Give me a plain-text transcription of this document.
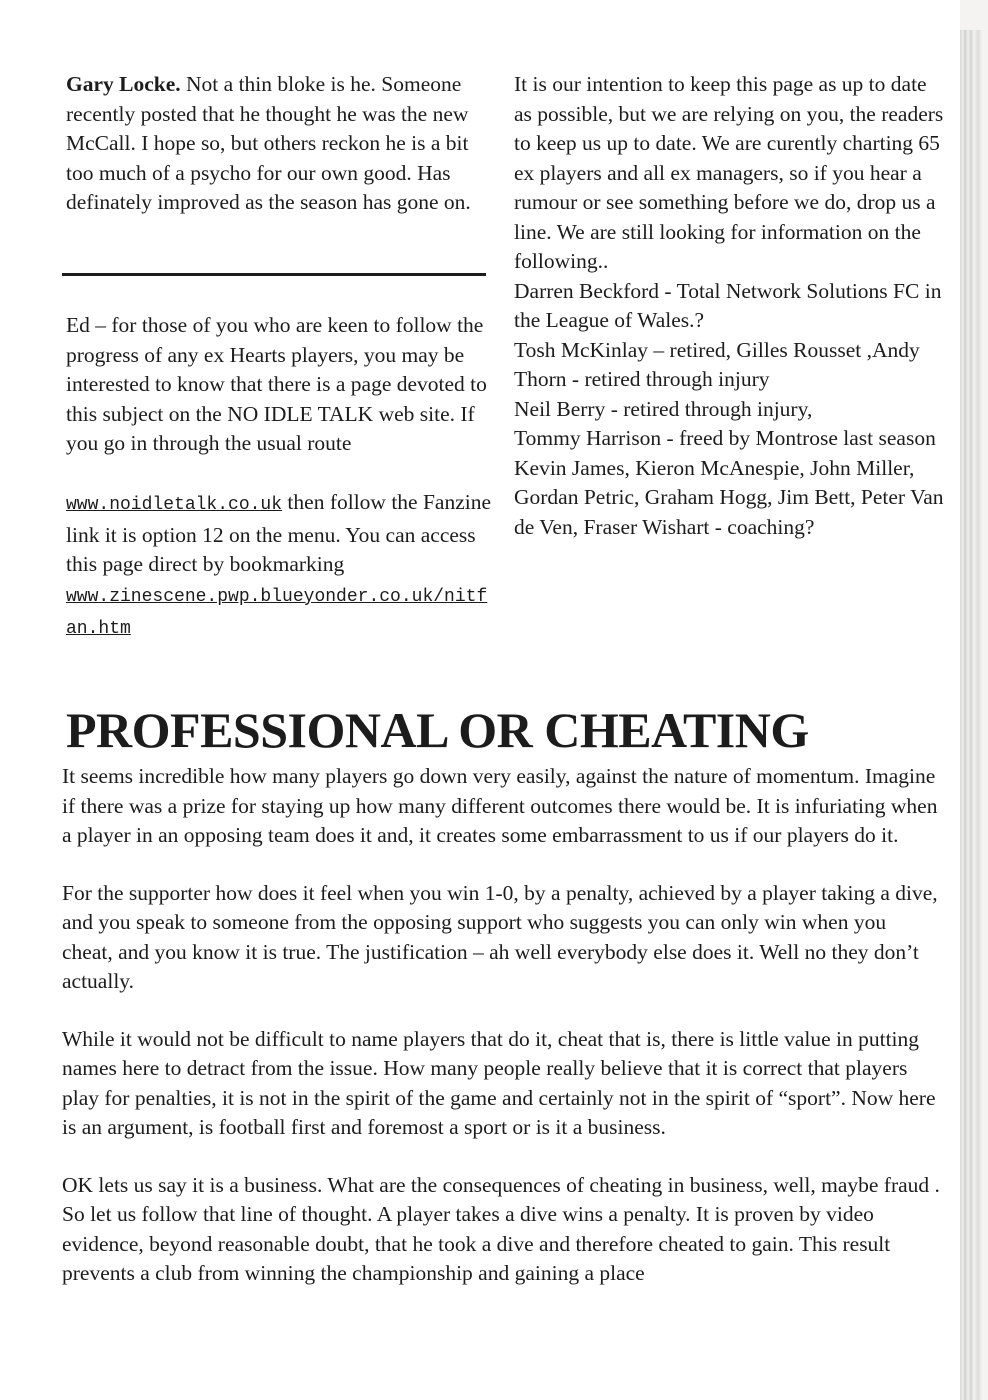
Gary Locke. Not a thin bloke is he. Someone recently posted that he thought he was the new McCall. I hope so, but others reckon he is a bit too much of a psycho for our own good. Has definately improved as the season has gone on.

Ed – for those of you who are keen to follow the progress of any ex Hearts players, you may be interested to know that there is a page devoted to this subject on the NO IDLE TALK web site. If you go in through the usual route

www.noidletalk.co.uk then follow the Fanzine link it is option 12 on the menu. You can access this page direct by bookmarking
www.zinescene.pwp.blueyonder.co.uk/nitfan.htm

It is our intention to keep this page as up to date as possible, but we are relying on you, the readers to keep us up to date. We are curently charting 65 ex players and all ex managers, so if you hear a rumour or see something before we do, drop us a line. We are still looking for information on the following..

Darren Beckford - Total Network Solutions FC in the League of Wales.?

Tosh McKinlay – retired, Gilles Rousset ,Andy Thorn - retired through injury

Neil Berry - retired through injury,

Tommy Harrison - freed by Montrose last season

Kevin James, Kieron McAnespie, John Miller, Gordan Petric, Graham Hogg, Jim Bett, Peter Van de Ven, Fraser Wishart - coaching?

PROFESSIONAL OR CHEATING

It seems incredible how many players go down very easily, against the nature of momentum. Imagine if there was a prize for staying up how many different outcomes there would be. It is infuriating when a player in an opposing team does it and, it creates some embarrassment to us if our players do it.

For the supporter how does it feel when you win 1-0, by a penalty, achieved by a player taking a dive, and you speak to someone from the opposing support who suggests you can only win when you cheat, and you know it is true. The justification – ah well everybody else does it. Well no they don’t actually.

While it would not be difficult to name players that do it, cheat that is, there is little value in putting names here to detract from the issue. How many people really believe that it is correct that players play for penalties, it is not in the spirit of the game and certainly not in the spirit of “sport”. Now here is an argument, is football first and foremost a sport or is it a business.

OK lets us say it is a business. What are the consequences of cheating in business, well, maybe fraud . So let us follow that line of thought. A player takes a dive wins a penalty. It is proven by video evidence, beyond reasonable doubt, that he took a dive and therefore cheated to gain. This result prevents a club from winning the championship and gaining a place
